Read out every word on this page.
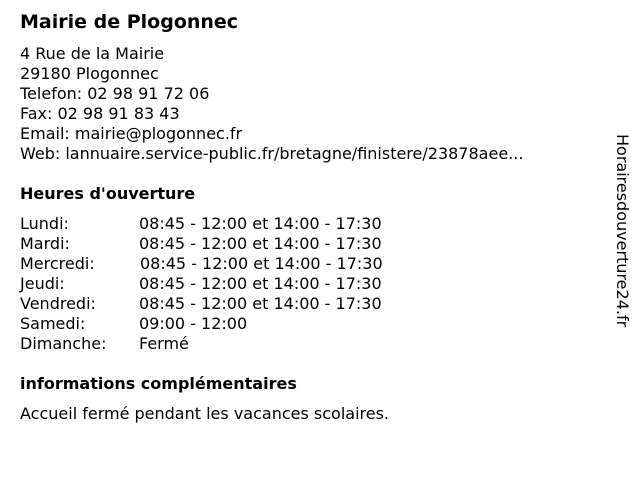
Mairie de Plogonnec
4 Rue de la Mairie
29180 Plogonnec
Telefon: 02 98 91 72 06
Fax: 02 98 91 83 43
Email: mairie@plogonnec.fr
Web: lannuaire.service-public.fr/bretagne/finistere/23878aee...
Heures d'ouverture
Lundi:	08:45 - 12:00 et 14:00 - 17:30
Mardi:	08:45 - 12:00 et 14:00 - 17:30
Mercredi:	08:45 - 12:00 et 14:00 - 17:30
Jeudi:	08:45 - 12:00 et 14:00 - 17:30
Vendredi:	08:45 - 12:00 et 14:00 - 17:30
Samedi:	09:00 - 12:00
Dimanche: Fermé
informations complémentaires
Accueil fermé pendant les vacances scolaires.
Horairesdouverture24.fr
